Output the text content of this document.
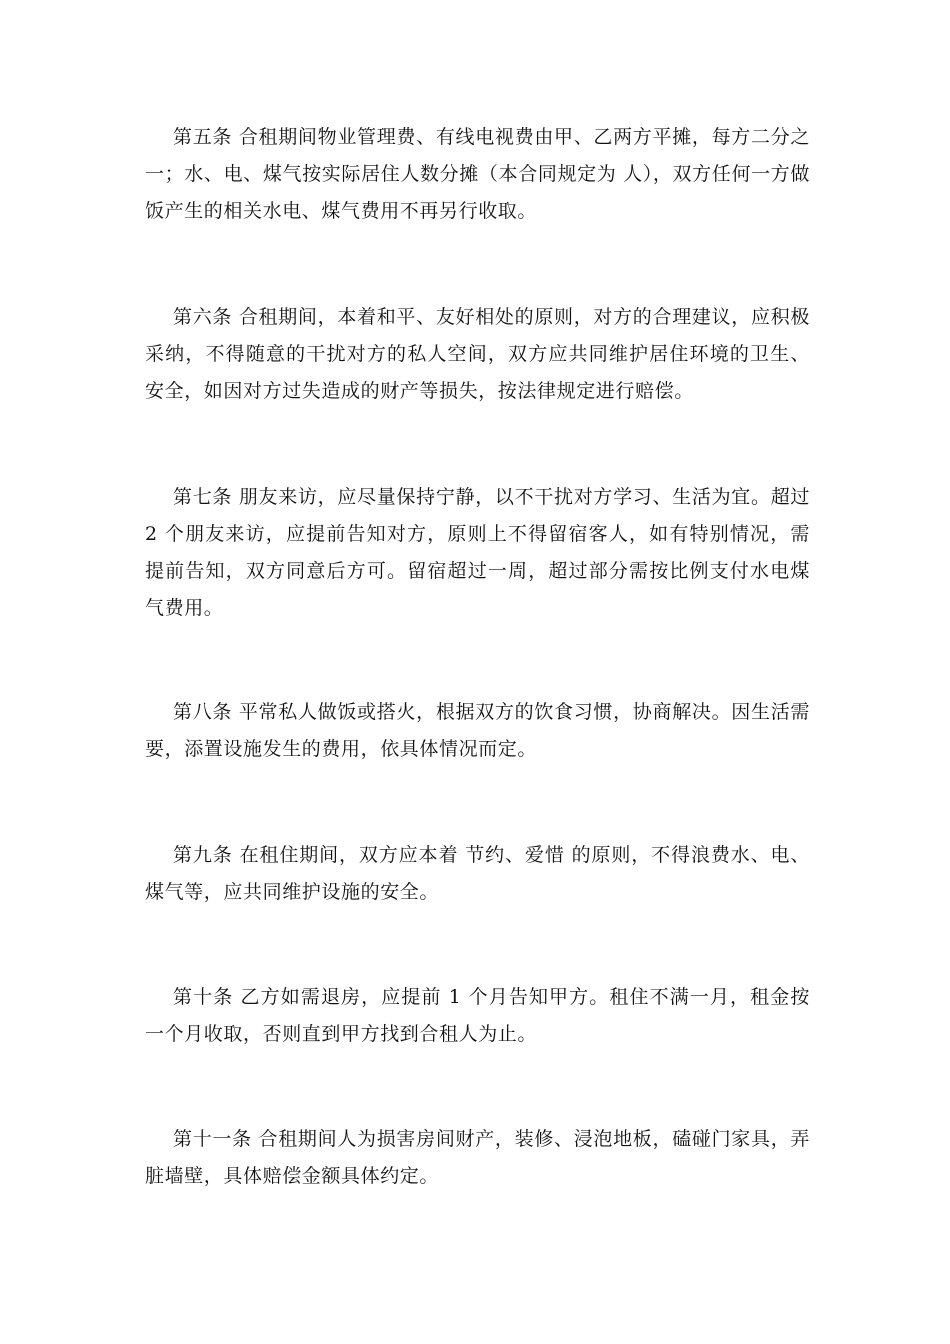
第五条 合租期间物业管理费、有线电视费由甲、乙两方平摊，每方二分之一；水、电、煤气按实际居住人数分摊（本合同规定为 人），双方任何一方做饭产生的相关水电、煤气费用不再另行收取。

第六条 合租期间，本着和平、友好相处的原则，对方的合理建议，应积极采纳，不得随意的干扰对方的私人空间，双方应共同维护居住环境的卫生、安全，如因对方过失造成的财产等损失，按法律规定进行赔偿。

第七条 朋友来访，应尽量保持宁静，以不干扰对方学习、生活为宜。超过 2 个朋友来访，应提前告知对方，原则上不得留宿客人，如有特别情况，需提前告知，双方同意后方可。留宿超过一周，超过部分需按比例支付水电煤气费用。

第八条 平常私人做饭或搭火，根据双方的饮食习惯，协商解决。因生活需要，添置设施发生的费用，依具体情况而定。

第九条 在租住期间，双方应本着 节约、爱惜 的原则，不得浪费水、电、煤气等，应共同维护设施的安全。

第十条 乙方如需退房，应提前 1 个月告知甲方。租住不满一月，租金按一个月收取，否则直到甲方找到合租人为止。

第十一条 合租期间人为损害房间财产，装修、浸泡地板，磕碰门家具，弄脏墙壁，具体赔偿金额具体约定。
